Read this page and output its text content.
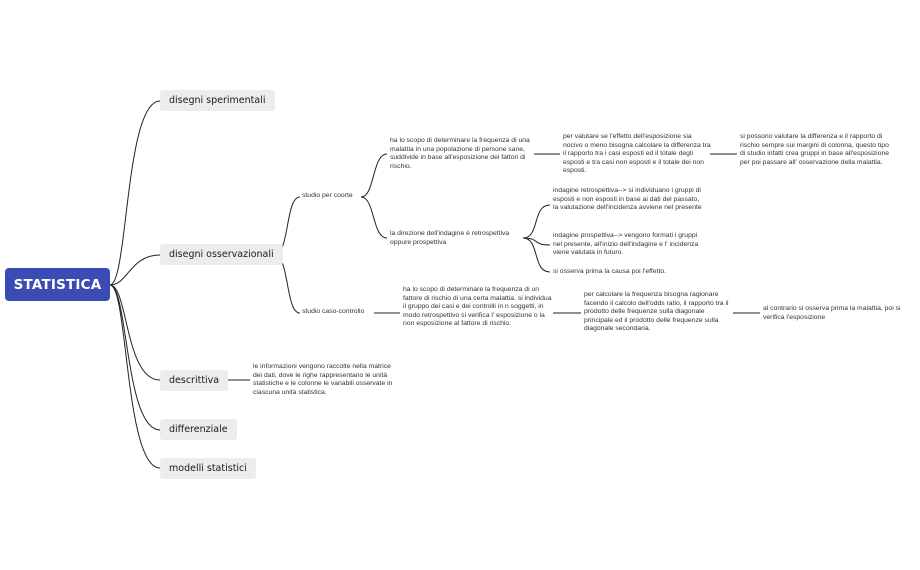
STATISTICA
disegni sperimentali
disegni osservazionali
descrittiva
differenziale
modelli statistici
studio per coorte
studio caso-controllo

ha lo scopo di determinare la frequenza di una malattia in una popolazione di persone sane, suddivide in base all'esposizione dei fattori di rischio.

per valutare se l'effetto dell'esposizione sia nocivo o meno bisogna calcolare la differenza tra il rapporto tra i casi esposti ed il totale degli esposti e tra casi non esposti e il totale dei non esposti.

si possono valutare la differenza e il rapporto di rischio sempre sui margini di colonna, questo tipo di studio infatti crea gruppi in base all'esposizione per poi passare all' osservazione della malattia.

la direzione dell'indagine è retrospettiva oppure prospettiva

indagine retrospettiva--> si individuano i gruppi di esposti e non esposti in base ai dati del passato, la valutazione dell'incidenza avviene nel presente

indagine prospettiva--> vengono formati i gruppi nel presente, all'inizio dell'indagine e l' incidenza viene valutata in futuro.

si osserva prima la causa poi l'effetto.

ha lo scopo di determinare la frequenza di un fattore di rischio di una certa malattia. si individua il gruppo dei casi e dei controlli in n soggetti, in modo retrospettivo si verifica l' esposizione o la non esposizione al fattore di rischio.

per calcolare la frequenza bisogna ragionare facendo il calcolo dell'odds ratio, il rapporto tra il prodotto delle frequenze sulla diagonale principale ed il prodotto delle frequenze sulla diagonale secondaria.

al contrario si osserva prima la malattia, poi si verifica l'esposizione

le informazioni vengono raccolte nella matrice dei dati, dove le righe rappresentano le unità statistiche e le colonne le variabili osservate in ciascuna unità statistica.
